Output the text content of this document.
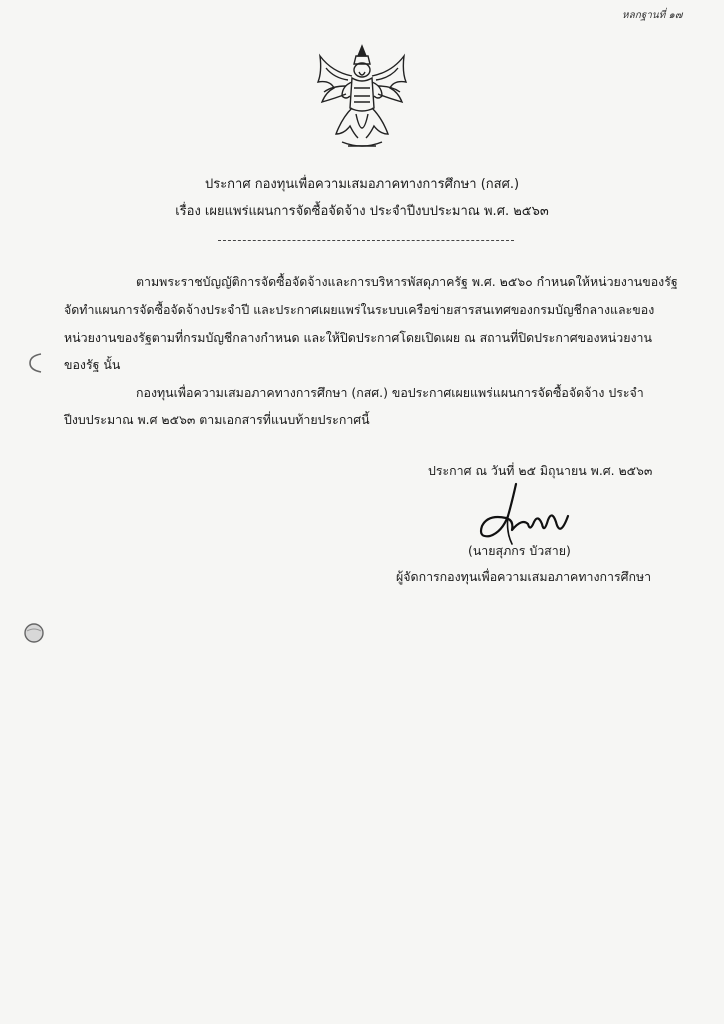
หลกฐานที่ ๑๗
ประกาศ กองทุนเพื่อความเสมอภาคทางการศึกษา (กสศ.)
เรื่อง เผยแพร่แผนการจัดซื้อจัดจ้าง ประจำปีงบประมาณ พ.ศ. ๒๕๖๓
ตามพระราชบัญญัติการจัดซื้อจัดจ้างและการบริหารพัสดุภาครัฐ พ.ศ. ๒๕๖๐ กำหนดให้หน่วยงานของรัฐ
จัดทำแผนการจัดซื้อจัดจ้างประจำปี และประกาศเผยแพร่ในระบบเครือข่ายสารสนเทศของกรมบัญชีกลางและของ
หน่วยงานของรัฐตามที่กรมบัญชีกลางกำหนด และให้ปิดประกาศโดยเปิดเผย ณ สถานที่ปิดประกาศของหน่วยงาน
ของรัฐ นั้น
กองทุนเพื่อความเสมอภาคทางการศึกษา (กสศ.) ขอประกาศเผยแพร่แผนการจัดซื้อจัดจ้าง ประจำ
ปีงบประมาณ พ.ศ ๒๕๖๓ ตามเอกสารที่แนบท้ายประกาศนี้
ประกาศ ณ วันที่ ๒๕ มิถุนายน พ.ศ. ๒๕๖๓
(นายสุภกร บัวสาย)
ผู้จัดการกองทุนเพื่อความเสมอภาคทางการศึกษา
